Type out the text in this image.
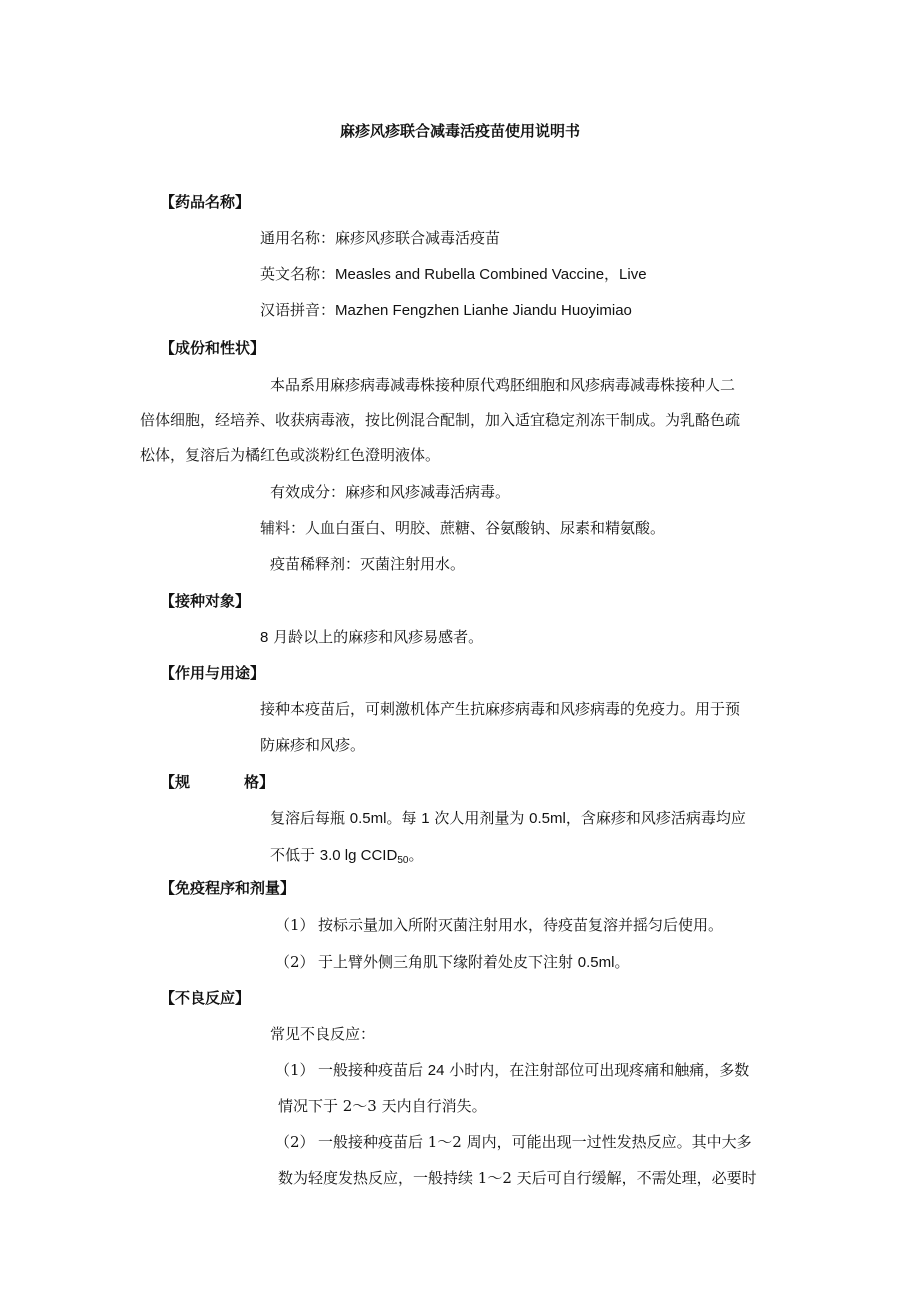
麻疹风疹联合减毒活疫苗使用说明书
【药品名称】
通用名称：麻疹风疹联合减毒活疫苗
英文名称：Measles and Rubella Combined Vaccine，Live
汉语拼音：Mazhen Fengzhen Lianhe Jiandu Huoyimiao
【成份和性状】
本品系用麻疹病毒减毒株接种原代鸡胚细胞和风疹病毒减毒株接种人二
倍体细胞，经培养、收获病毒液，按比例混合配制，加入适宜稳定剂冻干制成。为乳酪色疏
松体，复溶后为橘红色或淡粉红色澄明液体。
有效成分：麻疹和风疹减毒活病毒。
辅料：人血白蛋白、明胶、蔗糖、谷氨酸钠、尿素和精氨酸。
疫苗稀释剂：灭菌注射用水。
【接种对象】
8 月龄以上的麻疹和风疹易感者。
【作用与用途】
接种本疫苗后，可刺激机体产生抗麻疹病毒和风疹病毒的免疫力。用于预
防麻疹和风疹。
【规	格】
复溶后每瓶 0.5ml。每 1 次人用剂量为 0.5ml，含麻疹和风疹活病毒均应
不低于 3.0 $\lg CCID_{50}$。
【免疫程序和剂量】
（1） 按标示量加入所附灭菌注射用水，待疫苗复溶并摇匀后使用。
（2） 于上臂外侧三角肌下缘附着处皮下注射 0.5ml。
【不良反应】
常见不良反应：
（1） 一般接种疫苗后 24 小时内，在注射部位可出现疼痛和触痛，多数
情况下于 2～3 天内自行消失。
（2） 一般接种疫苗后 1～2 周内，可能出现一过性发热反应。其中大多
数为轻度发热反应，一般持续 1～2 天后可自行缓解，不需处理，必要时
